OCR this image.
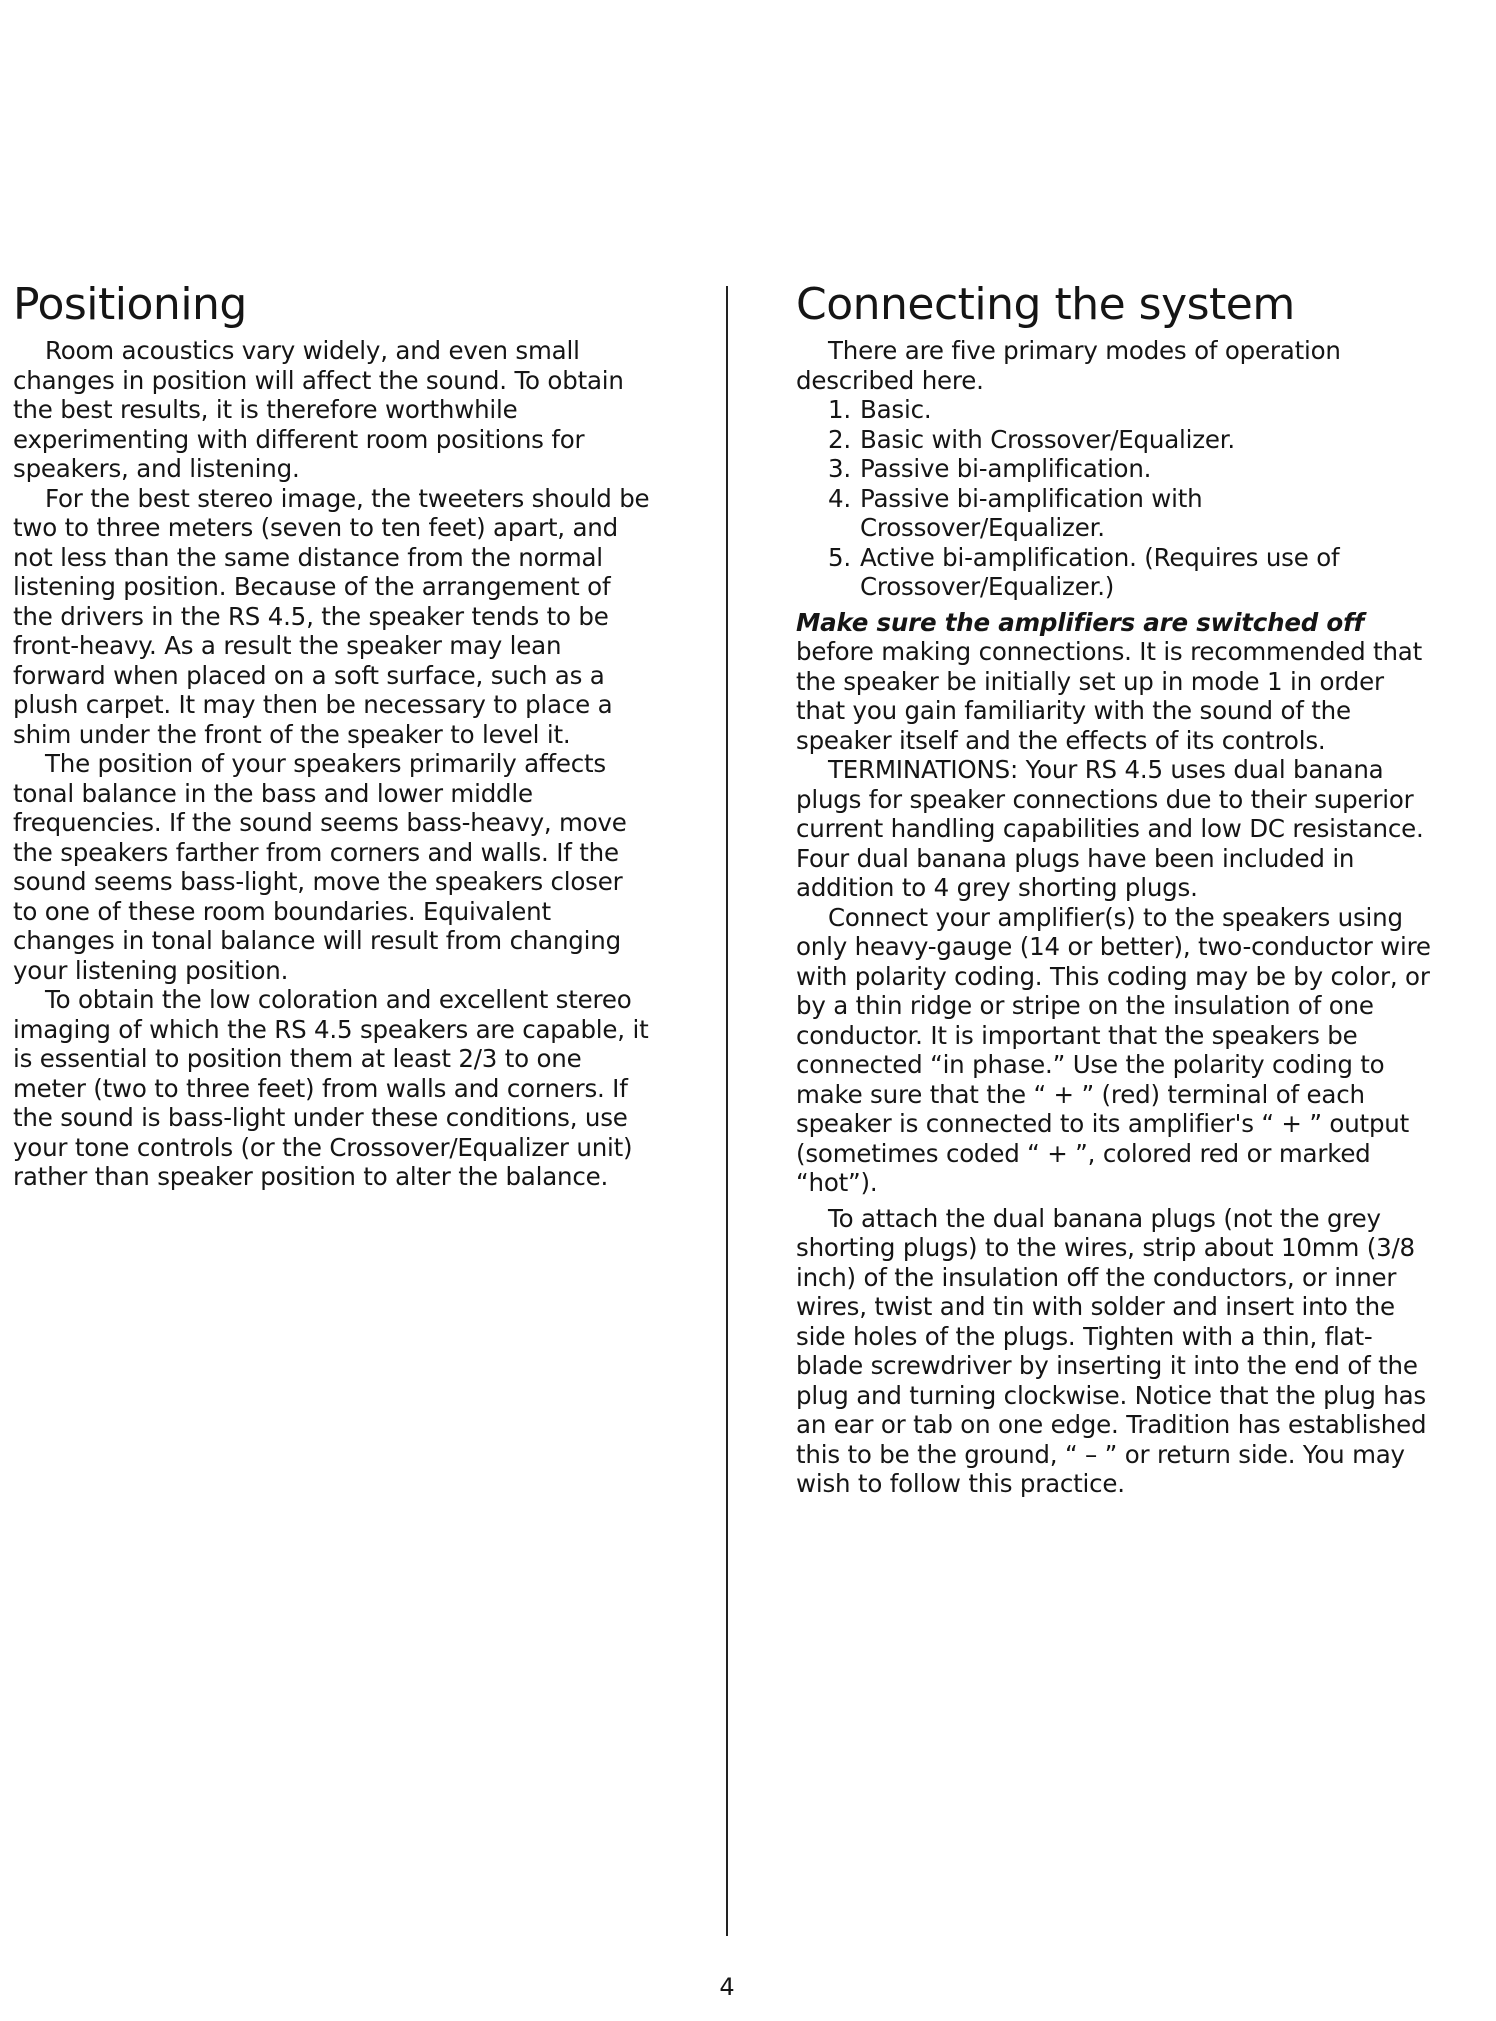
Positioning

Room acoustics vary widely, and even small changes in position will affect the sound. To obtain the best results, it is therefore worthwhile experimenting with different room positions for speakers, and listening.

For the best stereo image, the tweeters should be two to three meters (seven to ten feet) apart, and not less than the same distance from the normal listening position. Because of the arrangement of the drivers in the RS 4.5, the speaker tends to be front-heavy. As a result the speaker may lean forward when placed on a soft surface, such as a plush carpet. It may then be necessary to place a shim under the front of the speaker to level it.

The position of your speakers primarily affects tonal balance in the bass and lower middle frequencies. If the sound seems bass-heavy, move the speakers farther from corners and walls. If the sound seems bass-light, move the speakers closer to one of these room boundaries. Equivalent changes in tonal balance will result from changing your listening position.

To obtain the low coloration and excellent stereo imaging of which the RS 4.5 speakers are capable, it is essential to position them at least 2/3 to one meter (two to three feet) from walls and corners. If the sound is bass-light under these conditions, use your tone controls (or the Crossover/Equalizer unit) rather than speaker position to alter the balance.

Connecting the system

There are five primary modes of operation described here.

1. Basic.
2. Basic with Crossover/Equalizer.
3. Passive bi-amplification.
4. Passive bi-amplification with Crossover/Equalizer.
5. Active bi-amplification. (Requires use of Crossover/Equalizer.)

Make sure the amplifiers are switched off before making connections. It is recommended that the speaker be initially set up in mode 1 in order that you gain familiarity with the sound of the speaker itself and the effects of its controls.

TERMINATIONS: Your RS 4.5 uses dual banana plugs for speaker connections due to their superior current handling capabilities and low DC resistance. Four dual banana plugs have been included in addition to 4 grey shorting plugs.

Connect your amplifier(s) to the speakers using only heavy-gauge (14 or better), two-conductor wire with polarity coding. This coding may be by color, or by a thin ridge or stripe on the insulation of one conductor. It is important that the speakers be connected “in phase.” Use the polarity coding to make sure that the “ + ” (red) terminal of each speaker is connected to its amplifier's “ + ” output (sometimes coded “ + ”, colored red or marked “hot”).

To attach the dual banana plugs (not the grey shorting plugs) to the wires, strip about 10mm (3/8 inch) of the insulation off the conductors, or inner wires, twist and tin with solder and insert into the side holes of the plugs. Tighten with a thin, flat-blade screwdriver by inserting it into the end of the plug and turning clockwise. Notice that the plug has an ear or tab on one edge. Tradition has established this to be the ground, “ – ” or return side. You may wish to follow this practice.

4
